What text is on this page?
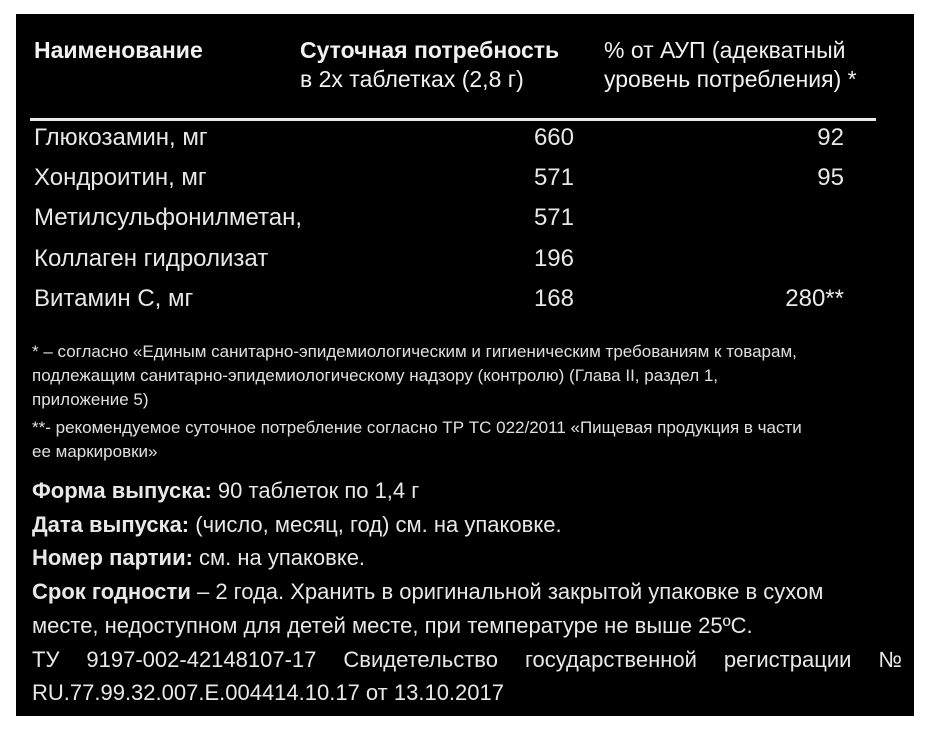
Наименование	Суточная потребность
в 2х таблетках (2,8 г)
% от АУП (адекватный
уровень потребления) *
Глюкозамин, мг	660	92
Хондроитин, мг	571	95
Метилсульфонилметан,	571
Коллаген гидролизат	196
Витамин С, мг	168	280**
* – согласно «Единым санитарно-эпидемиологическим и гигиеническим требованиям к товарам,
подлежащим санитарно-эпидемиологическому надзору (контролю) (Глава II, раздел 1,
приложение 5)
**- рекомендуемое суточное потребление согласно ТР ТС 022/2011 «Пищевая продукция в части
ее маркировки»
Форма выпуска: 90 таблеток по 1,4 г
Дата выпуска: (число, месяц, год) см. на упаковке.
Номер партии: см. на упаковке.
Срок годности – 2 года. Хранить в оригинальной закрытой упаковке в сухом
месте, недоступном для детей месте, при температуре не выше 25ºС.
ТУ 9197-002-42148107-17 Свидетельство государственной регистрации №
RU.77.99.32.007.Е.004414.10.17 от 13.10.2017
